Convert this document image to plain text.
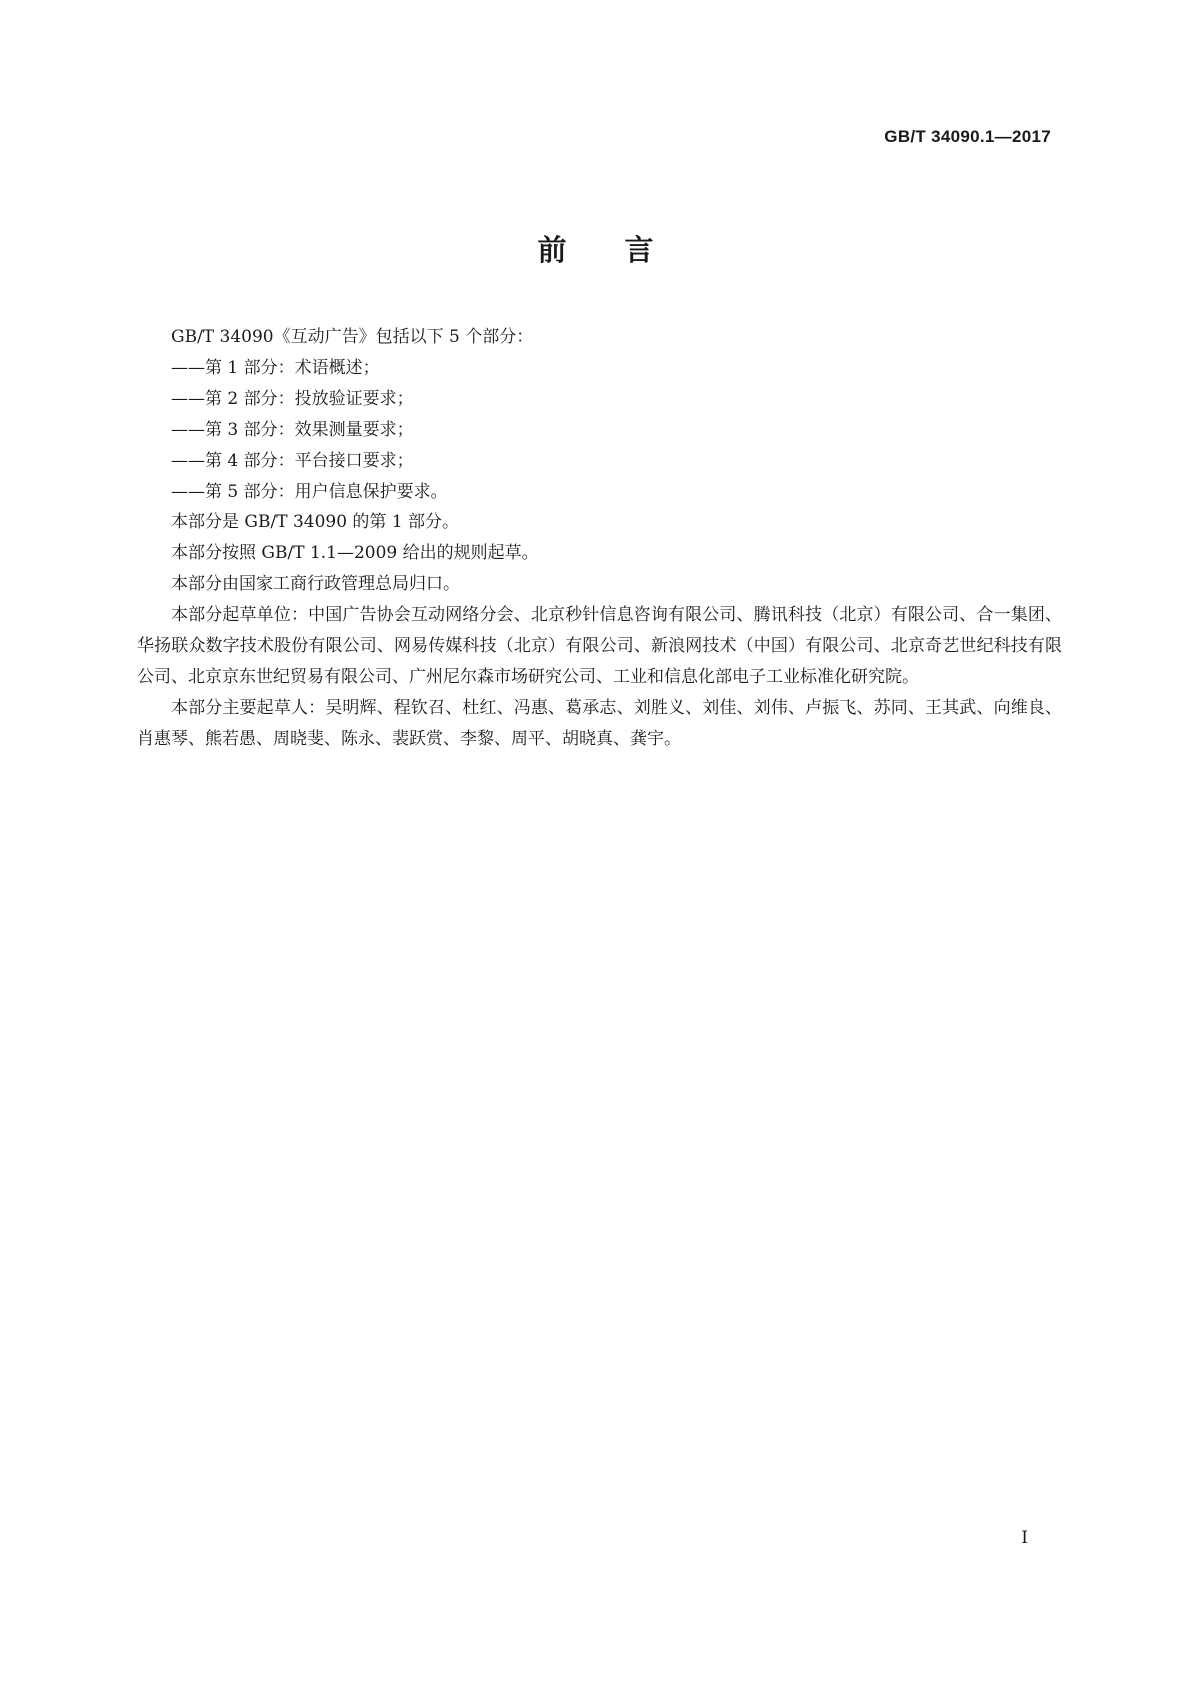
GB/T 34090.1—2017
前言

GB/T 34090《互动广告》包括以下 5 个部分：

——第 1 部分：术语概述；

——第 2 部分：投放验证要求；

——第 3 部分：效果测量要求；

——第 4 部分：平台接口要求；

——第 5 部分：用户信息保护要求。

本部分是 GB/T 34090 的第 1 部分。

本部分按照 GB/T 1.1—2009 给出的规则起草。

本部分由国家工商行政管理总局归口。

本部分起草单位：中国广告协会互动网络分会、北京秒针信息咨询有限公司、腾讯科技（北京）有限公司、合一集团、华扬联众数字技术股份有限公司、网易传媒科技（北京）有限公司、新浪网技术（中国）有限公司、北京奇艺世纪科技有限公司、北京京东世纪贸易有限公司、广州尼尔森市场研究公司、工业和信息化部电子工业标准化研究院。

本部分主要起草人：吴明辉、程钦召、杜红、冯惠、葛承志、刘胜义、刘佳、刘伟、卢振飞、苏同、王其武、向维良、肖惠琴、熊若愚、周晓斐、陈永、裴跃赏、李黎、周平、胡晓真、龚宇。

I
